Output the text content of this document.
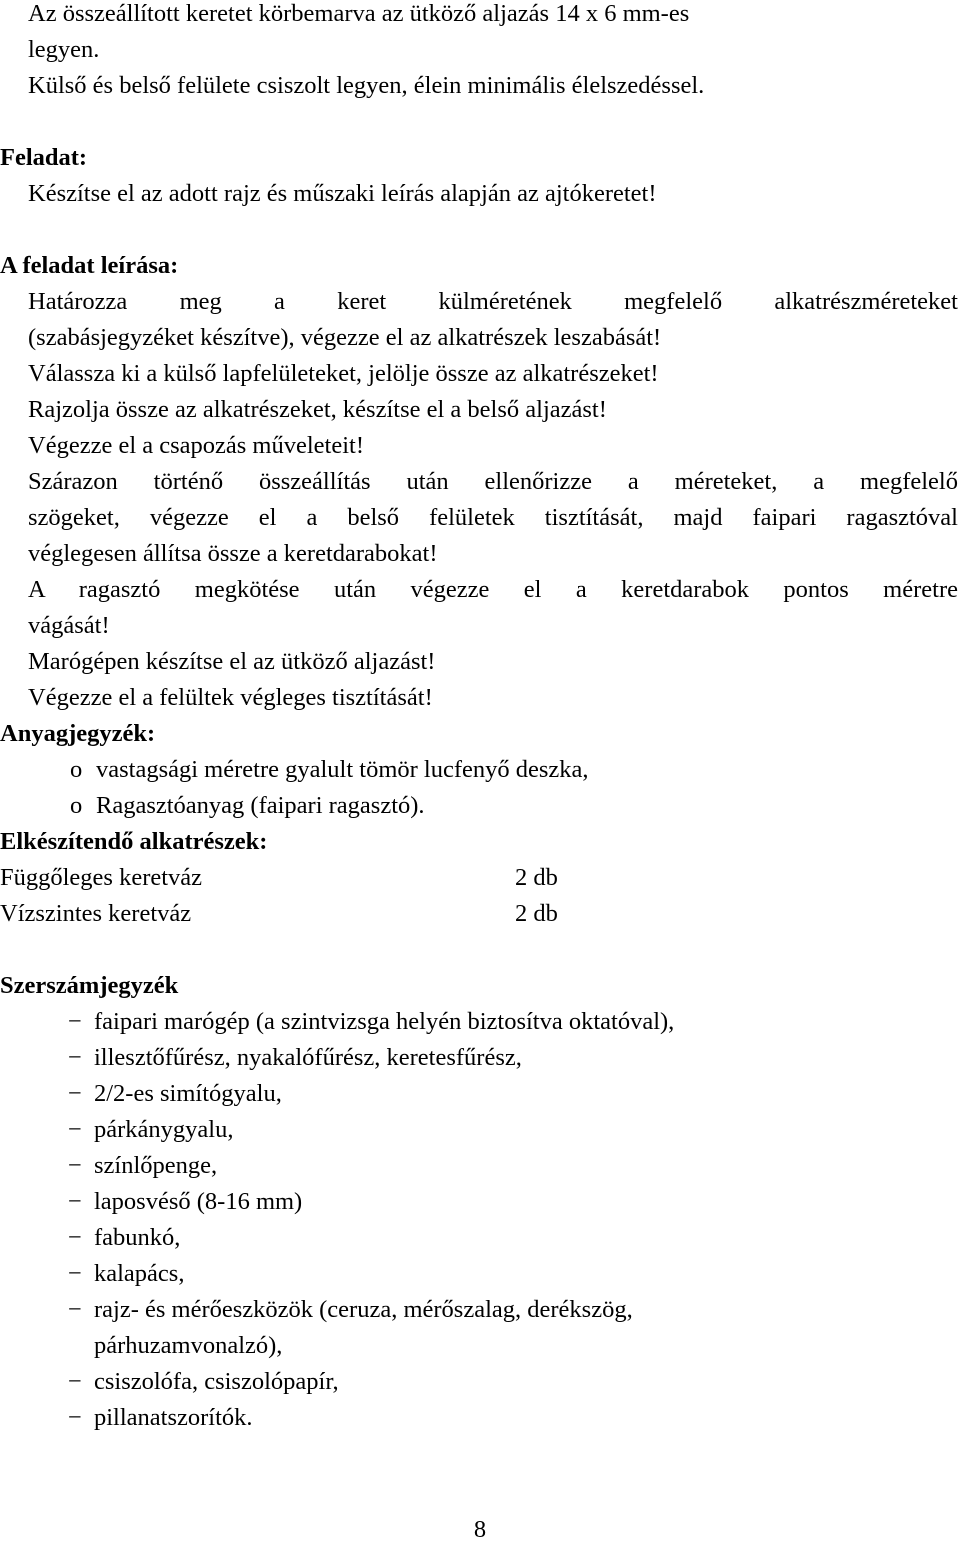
Az összeállított keretet körbemarva az ütköző aljazás 14 x 6 mm-es
legyen.
Külső és belső felülete csiszolt legyen, élein minimális élelszedéssel.
Feladat:
Készítse el az adott rajz és műszaki leírás alapján az ajtókeretet!
A feladat leírása:
Határozza meg a keret külméretének megfelelő alkatrészméreteket
(szabásjegyzéket készítve), végezze el az alkatrészek leszabását!
Válassza ki a külső lapfelületeket, jelölje össze az alkatrészeket!
Rajzolja össze az alkatrészeket, készítse el a belső aljazást!
Végezze el a csapozás műveleteit!
Szárazon történő összeállítás után ellenőrizze a méreteket, a megfelelő
szögeket, végezze el a belső felületek tisztítását, majd faipari ragasztóval
véglegesen állítsa össze a keretdarabokat!
A ragasztó megkötése után végezze el a keretdarabok pontos méretre
vágását!
Marógépen készítse el az ütköző aljazást!
Végezze el a felültek végleges tisztítását!
Anyagjegyzék:
o vastagsági méretre gyalult tömör lucfenyő deszka,
o Ragasztóanyag (faipari ragasztó).
Elkészítendő alkatrészek:
Függőleges keretváz	2 db
Vízszintes keretváz	2 db
Szerszámjegyzék
− faipari marógép (a szintvizsga helyén biztosítva oktatóval),
− illesztőfűrész, nyakalófűrész, keretesfűrész,
− 2/2-es simítógyalu,
− párkánygyalu,
− színlőpenge,
− laposvéső (8-16 mm)
− fabunkó,
− kalapács,
− rajz- és mérőeszközök (ceruza, mérőszalag, derékszög,
párhuzamvonalzó),
− csiszolófa, csiszolópapír,
− pillanatszorítók.
8
